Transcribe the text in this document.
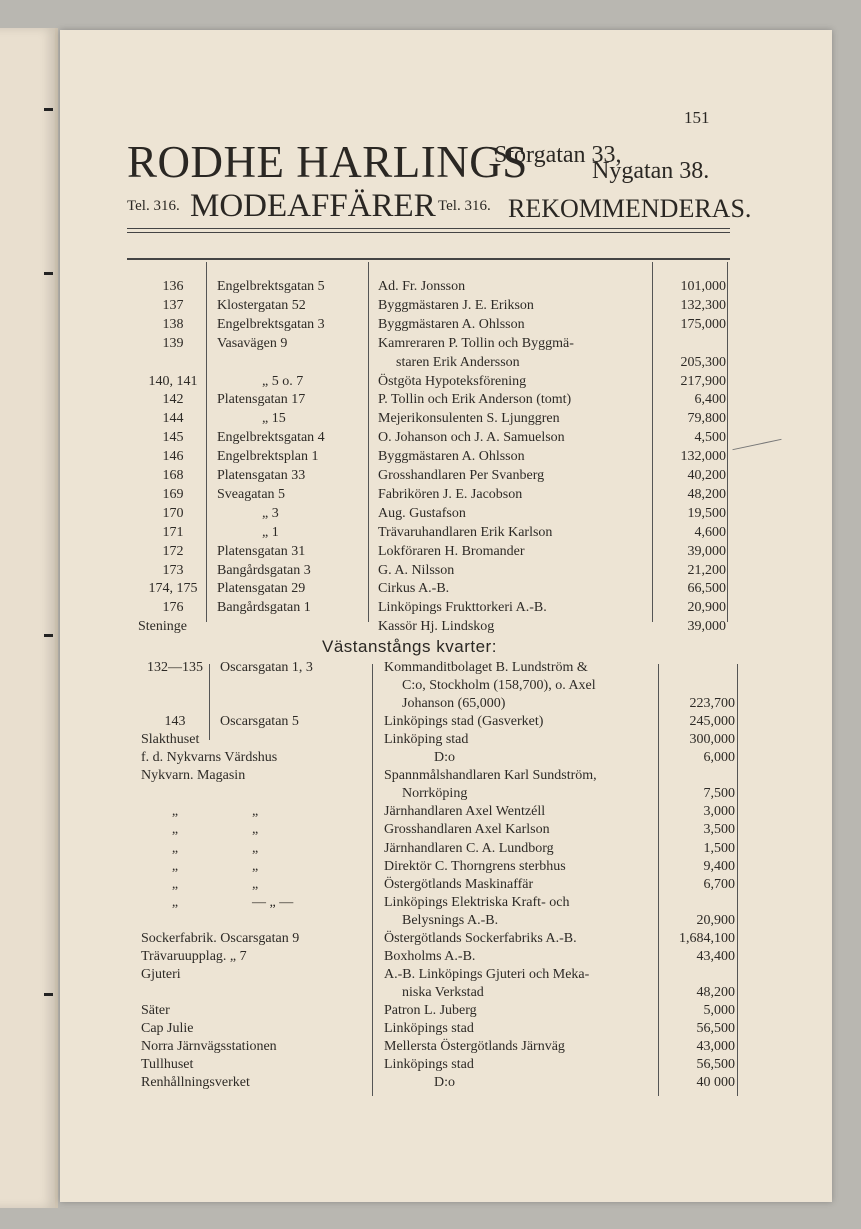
151
RODHE HARLINGS
Storgatan 33,
Nygatan 38.
Tel. 316. MODEAFFÄRER Tel. 316. REKOMMENDERAS.
136	Engelbrektsgatan 5	Ad. Fr. Jonsson	101,000
137	Klostergatan 52	Byggmästaren J. E. Erikson	132,300
138	Engelbrektsgatan 3	Byggmästaren A. Ohlsson	175,000
139	Vasavägen 9	Kamreraren P. Tollin och Byggmä-
staren Erik Andersson	205,300
140, 141	„ 5 o. 7	Östgöta Hypoteksförening	217,900
142	Platensgatan 17	P. Tollin och Erik Anderson (tomt)	6,400
144	„ 15	Mejerikonsulenten S. Ljunggren	79,800
145	Engelbrektsgatan 4	O. Johanson och J. A. Samuelson	4,500
146	Engelbrektsplan 1	Byggmästaren A. Ohlsson	132,000
168	Platensgatan 33	Grosshandlaren Per Svanberg	40,200
169	Sveagatan 5	Fabrikören J. E. Jacobson	48,200
170	„ 3	Aug. Gustafson	19,500
171	„ 1	Trävaruhandlaren Erik Karlson	4,600
172	Platensgatan 31	Lokföraren H. Bromander	39,000
173	Bangårdsgatan 3	G. A. Nilsson	21,200
174, 175	Platensgatan 29	Cirkus A.-B.	66,500
176	Bangårdsgatan 1	Linköpings Frukttorkeri A.-B.	20,900
Steninge	Kassör Hj. Lindskog	39,000
Västanstångs kvarter:
132—135	Oscarsgatan 1, 3	Kommanditbolaget B. Lundström &
C:o, Stockholm (158,700), o. Axel
Johanson (65,000)	223,700
143	Oscarsgatan 5	Linköpings stad (Gasverket)	245,000
Slakthuset	Linköping stad	300,000
f. d. Nykvarns Värdshus	D:o	6,000
Nykvarn. Magasin	Spannmålshandlaren Karl Sundström,
Norrköping	7,500
„	„	Järnhandlaren Axel Wentzéll	3,000
„	„	Grosshandlaren Axel Karlson	3,500
„	„	Järnhandlaren C. A. Lundborg	1,500
„	„	Direktör C. Thorngrens sterbhus	9,400
„	„	Östergötlands Maskinaffär	6,700
„	— „ —	Linköpings Elektriska Kraft- och
Belysnings A.-B.	20,900
Sockerfabrik. Oscarsgatan 9	Östergötlands Sockerfabriks A.-B.	1,684,100
Trävaruupplag. „ 7	Boxholms A.-B.	43,400
Gjuteri	A.-B. Linköpings Gjuteri och Meka-
niska Verkstad	48,200
Säter	Patron L. Juberg	5,000
Cap Julie	Linköpings stad	56,500
Norra Järnvägsstationen	Mellersta Östergötlands Järnväg	43,000
Tullhuset	Linköpings stad	56,500
Renhållningsverket	D:o	40 000
